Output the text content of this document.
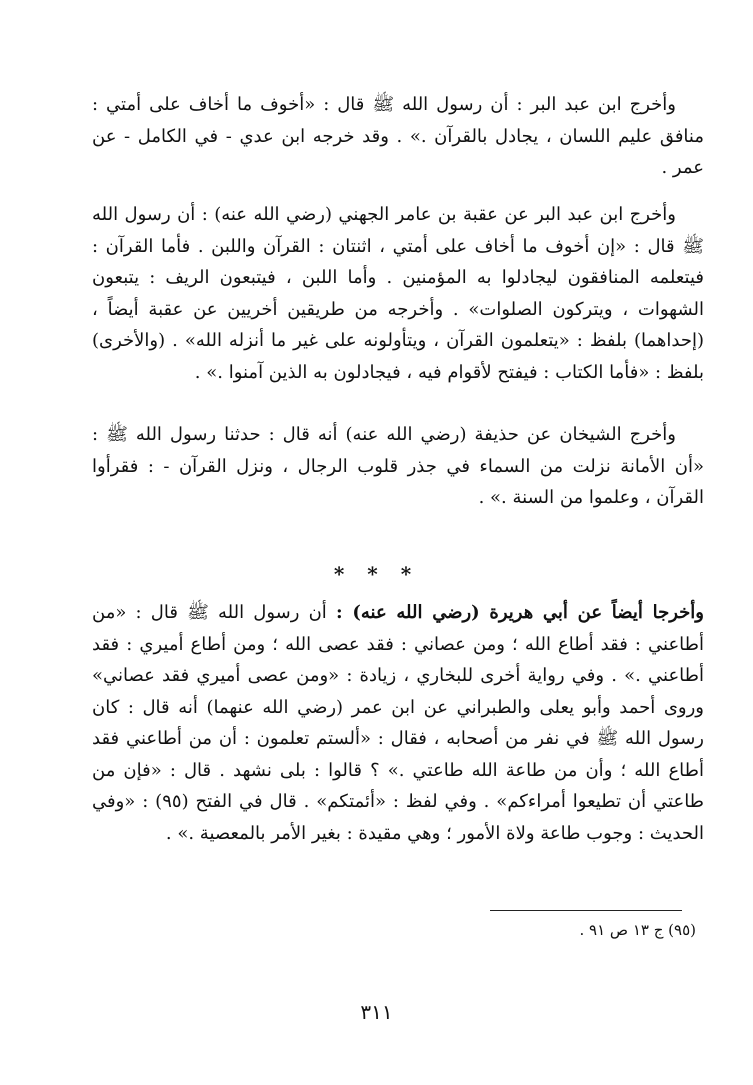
وأخرج ابن عبد البر : أن رسول الله ﷺ قال : «أخوف ما أخاف على أمتي : منافق عليم اللسان ، يجادل بالقرآن .» . وقد خرجه ابن عدي - في الكامل - عن عمر .

وأخرج ابن عبد البر عن عقبة بن عامر الجهني (رضي الله عنه) : أن رسول الله ﷺ قال : «إن أخوف ما أخاف على أمتي ، اثنتان : القرآن واللبن . فأما القرآن : فيتعلمه المنافقون ليجادلوا به المؤمنين . وأما اللبن ، فيتبعون الريف : يتبعون الشهوات ، ويتركون الصلوات» . وأخرجه من طريقين أخريين عن عقبة أيضاً ، (إحداهما) بلفظ : «يتعلمون القرآن ، ويتأولونه على غير ما أنزله الله» . (والأخرى) بلفظ : «فأما الكتاب : فيفتح لأقوام فيه ، فيجادلون به الذين آمنوا .» .

وأخرج الشيخان عن حذيفة (رضي الله عنه) أنه قال : حدثنا رسول الله ﷺ : «أن الأمانة نزلت من السماء في جذر قلوب الرجال ، ونزل القرآن - : فقرأوا القرآن ، وعلموا من السنة .» .

* * *

وأخرجا أيضاً عن أبي هريرة (رضي الله عنه) : أن رسول الله ﷺ قال : «من أطاعني : فقد أطاع الله ؛ ومن عصاني : فقد عصى الله ؛ ومن أطاع أميري : فقد أطاعني .» . وفي رواية أخرى للبخاري ، زيادة : «ومن عصى أميري فقد عصاني» وروى أحمد وأبو يعلى والطبراني عن ابن عمر (رضي الله عنهما) أنه قال : كان رسول الله ﷺ في نفر من أصحابه ، فقال : «ألستم تعلمون : أن من أطاعني فقد أطاع الله ؛ وأن من طاعة الله طاعتي .» ؟ قالوا : بلى نشهد . قال : «فإن من طاعتي أن تطيعوا أمراءكم» . وفي لفظ : «أئمتكم» . قال في الفتح (٩٥) : «وفي الحديث : وجوب طاعة ولاة الأمور ؛ وهي مقيدة : بغير الأمر بالمعصية .» .

(٩٥) ج ١٣ ص ٩١ .
٣١١
